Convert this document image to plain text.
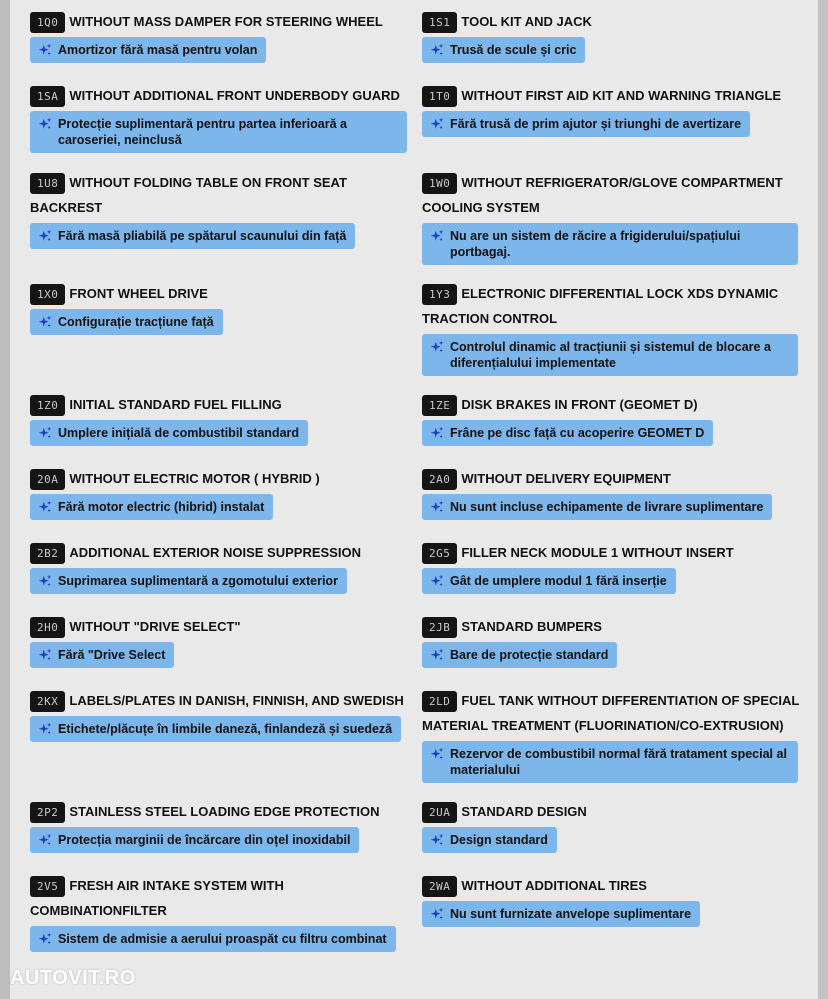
1Q0 WITHOUT MASS DAMPER FOR STEERING WHEEL
Amortizor fără masă pentru volan
1S1 TOOL KIT AND JACK
Trusă de scule și cric
1SA WITHOUT ADDITIONAL FRONT UNDERBODY GUARD
Protecție suplimentară pentru partea inferioară a caroseriei, neinclusă
1T0 WITHOUT FIRST AID KIT AND WARNING TRIANGLE
Fără trusă de prim ajutor și triunghi de avertizare
1U8 WITHOUT FOLDING TABLE ON FRONT SEAT BACKREST
Fără masă pliabilă pe spătarul scaunului din față
1W0 WITHOUT REFRIGERATOR/GLOVE COMPARTMENT COOLING SYSTEM
Nu are un sistem de răcire a frigiderului/spațiului portbagaj.
1X0 FRONT WHEEL DRIVE
Configurație tracțiune față
1Y3 ELECTRONIC DIFFERENTIAL LOCK XDS DYNAMIC TRACTION CONTROL
Controlul dinamic al tracțiunii și sistemul de blocare a diferențialului implementate
1Z0 INITIAL STANDARD FUEL FILLING
Umplere inițială de combustibil standard
1ZE DISK BRAKES IN FRONT (GEOMET D)
Frâne pe disc față cu acoperire GEOMET D
20A WITHOUT ELECTRIC MOTOR ( HYBRID )
Fără motor electric (hibrid) instalat
2A0 WITHOUT DELIVERY EQUIPMENT
Nu sunt incluse echipamente de livrare suplimentare
2B2 ADDITIONAL EXTERIOR NOISE SUPPRESSION
Suprimarea suplimentară a zgomotului exterior
2G5 FILLER NECK MODULE 1 WITHOUT INSERT
Gât de umplere modul 1 fără inserție
2H0 WITHOUT "DRIVE SELECT"
Fără "Drive Select
2JB STANDARD BUMPERS
Bare de protecție standard
2KX LABELS/PLATES IN DANISH, FINNISH, AND SWEDISH
Etichete/plăcuțe în limbile daneză, finlandeză și suedeză
2LD FUEL TANK WITHOUT DIFFERENTIATION OF SPECIAL MATERIAL TREATMENT (FLUORINATION/CO-EXTRUSION)
Rezervor de combustibil normal fără tratament special al materialului
2P2 STAINLESS STEEL LOADING EDGE PROTECTION
Protecția marginii de încărcare din oțel inoxidabil
2UA STANDARD DESIGN
Design standard
2V5 FRESH AIR INTAKE SYSTEM WITH COMBINATIONFILTER
Sistem de admisie a aerului proaspăt cu filtru combinat
2WA WITHOUT ADDITIONAL TIRES
Nu sunt furnizate anvelope suplimentare
AUTOVIT.RO
